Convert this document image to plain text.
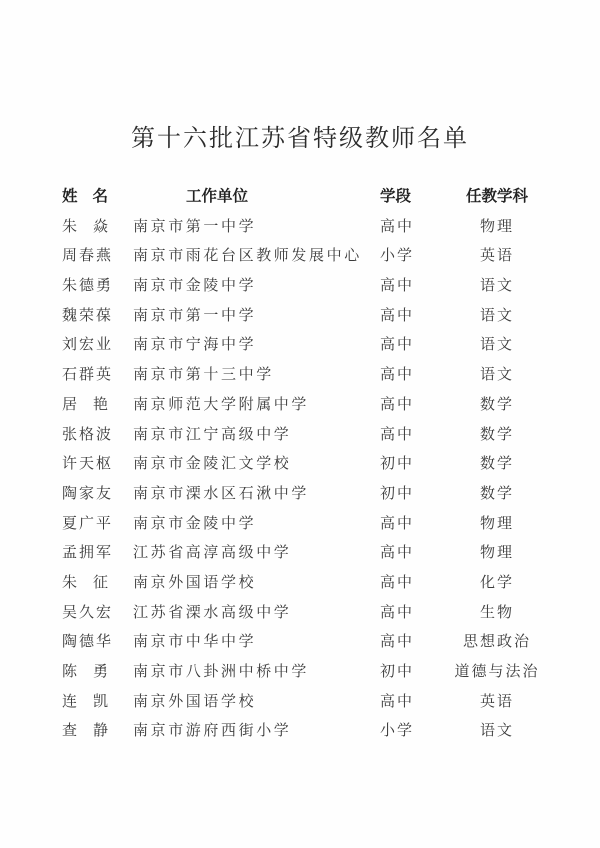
第十六批江苏省特级教师名单
姓 名	工作单位	学段	任教学科
朱 焱 南京市第一中学	高中	物理
周春燕 南京市雨花台区教师发展中心 小学	英语
朱德勇 南京市金陵中学	高中	语文
魏荣葆 南京市第一中学	高中	语文
刘宏业 南京市宁海中学	高中	语文
石群英 南京市第十三中学	高中	语文
居 艳 南京师范大学附属中学	高中	数学
张格波 南京市江宁高级中学	高中	数学
许天枢 南京市金陵汇文学校	初中	数学
陶家友 南京市溧水区石湫中学	初中	数学
夏广平 南京市金陵中学	高中	物理
孟拥军 江苏省高淳高级中学	高中	物理
朱 征 南京外国语学校	高中	化学
吴久宏 江苏省溧水高级中学	高中	生物
陶德华 南京市中华中学	高中	思想政治
陈 勇 南京市八卦洲中桥中学	初中	道德与法治
连 凯 南京外国语学校	高中	英语
查 静 南京市游府西街小学	小学	语文
